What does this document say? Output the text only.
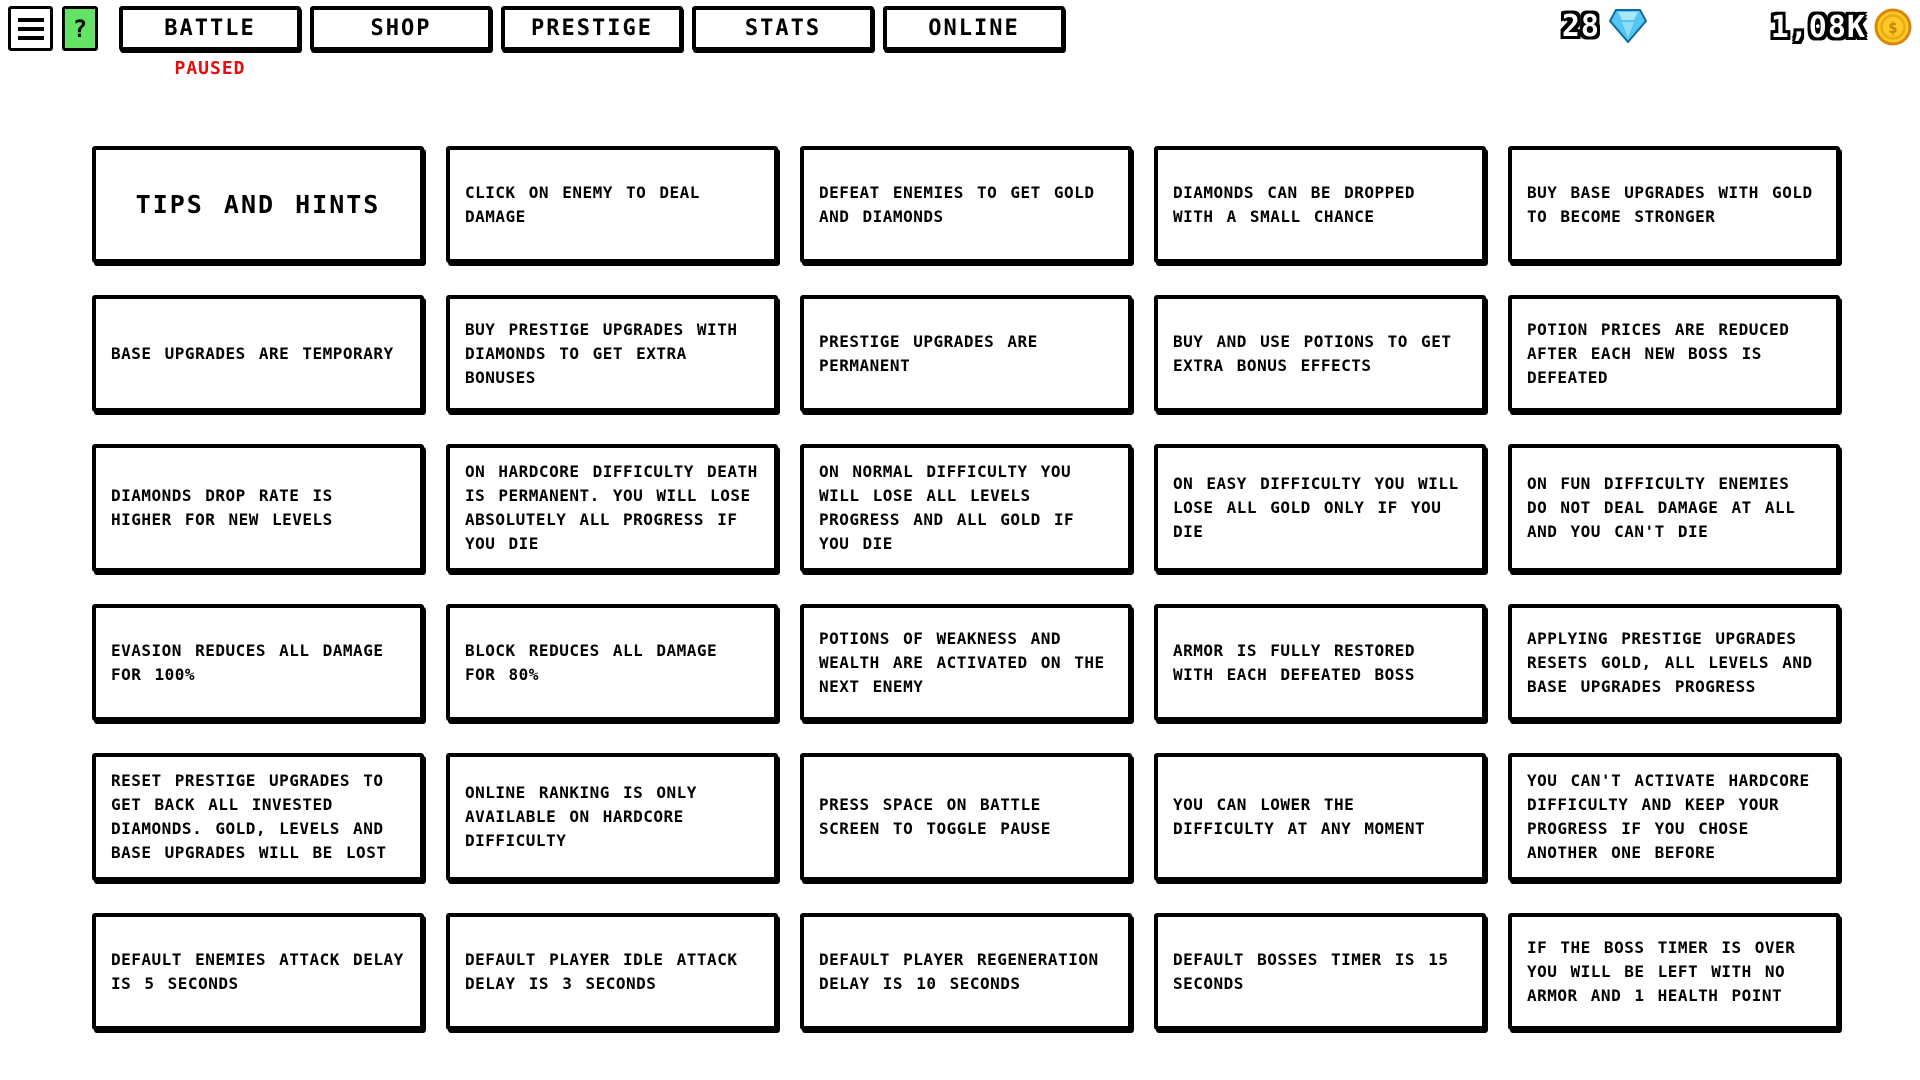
?	BATTLE
PAUSED
SHOP	PRESTIGE	STATS	ONLINE	28	1,08K $
TIPS AND HINTS	CLICK ON ENEMY TO DEAL DAMAGE
DEFEAT ENEMIES TO GET GOLD AND DIAMONDS
DIAMONDS CAN BE DROPPED WITH A SMALL CHANCE
BUY BASE UPGRADES WITH GOLD TO BECOME STRONGER
BASE UPGRADES ARE TEMPORARY
BUY PRESTIGE UPGRADES WITH DIAMONDS TO GET EXTRA BONUSES
PRESTIGE UPGRADES ARE PERMANENT
BUY AND USE POTIONS TO GET EXTRA BONUS EFFECTS
POTION PRICES ARE REDUCED AFTER EACH NEW BOSS IS DEFEATED
DIAMONDS DROP RATE IS HIGHER FOR NEW LEVELS
ON HARDCORE DIFFICULTY DEATH IS PERMANENT. YOU WILL LOSE ABSOLUTELY ALL PROGRESS IF YOU DIE
ON NORMAL DIFFICULTY YOU WILL LOSE ALL LEVELS PROGRESS AND ALL GOLD IF YOU DIE
ON EASY DIFFICULTY YOU WILL LOSE ALL GOLD ONLY IF YOU DIE
ON FUN DIFFICULTY ENEMIES DO NOT DEAL DAMAGE AT ALL AND YOU CAN'T DIE
EVASION REDUCES ALL DAMAGE FOR 100%
BLOCK REDUCES ALL DAMAGE FOR 80%
POTIONS OF WEAKNESS AND WEALTH ARE ACTIVATED ON THE NEXT ENEMY
ARMOR IS FULLY RESTORED WITH EACH DEFEATED BOSS
APPLYING PRESTIGE UPGRADES RESETS GOLD, ALL LEVELS AND BASE UPGRADES PROGRESS
RESET PRESTIGE UPGRADES TO GET BACK ALL INVESTED DIAMONDS. GOLD, LEVELS AND BASE UPGRADES WILL BE LOST
ONLINE RANKING IS ONLY AVAILABLE ON HARDCORE DIFFICULTY
PRESS SPACE ON BATTLE SCREEN TO TOGGLE PAUSE
YOU CAN LOWER THE DIFFICULTY AT ANY MOMENT
YOU CAN'T ACTIVATE HARDCORE DIFFICULTY AND KEEP YOUR PROGRESS IF YOU CHOSE ANOTHER ONE BEFORE
DEFAULT ENEMIES ATTACK DELAY IS 5 SECONDS
DEFAULT PLAYER IDLE ATTACK DELAY IS 3 SECONDS
DEFAULT PLAYER REGENERATION DELAY IS 10 SECONDS
DEFAULT BOSSES TIMER IS 15 SECONDS
IF THE BOSS TIMER IS OVER YOU WILL BE LEFT WITH NO ARMOR AND 1 HEALTH POINT
